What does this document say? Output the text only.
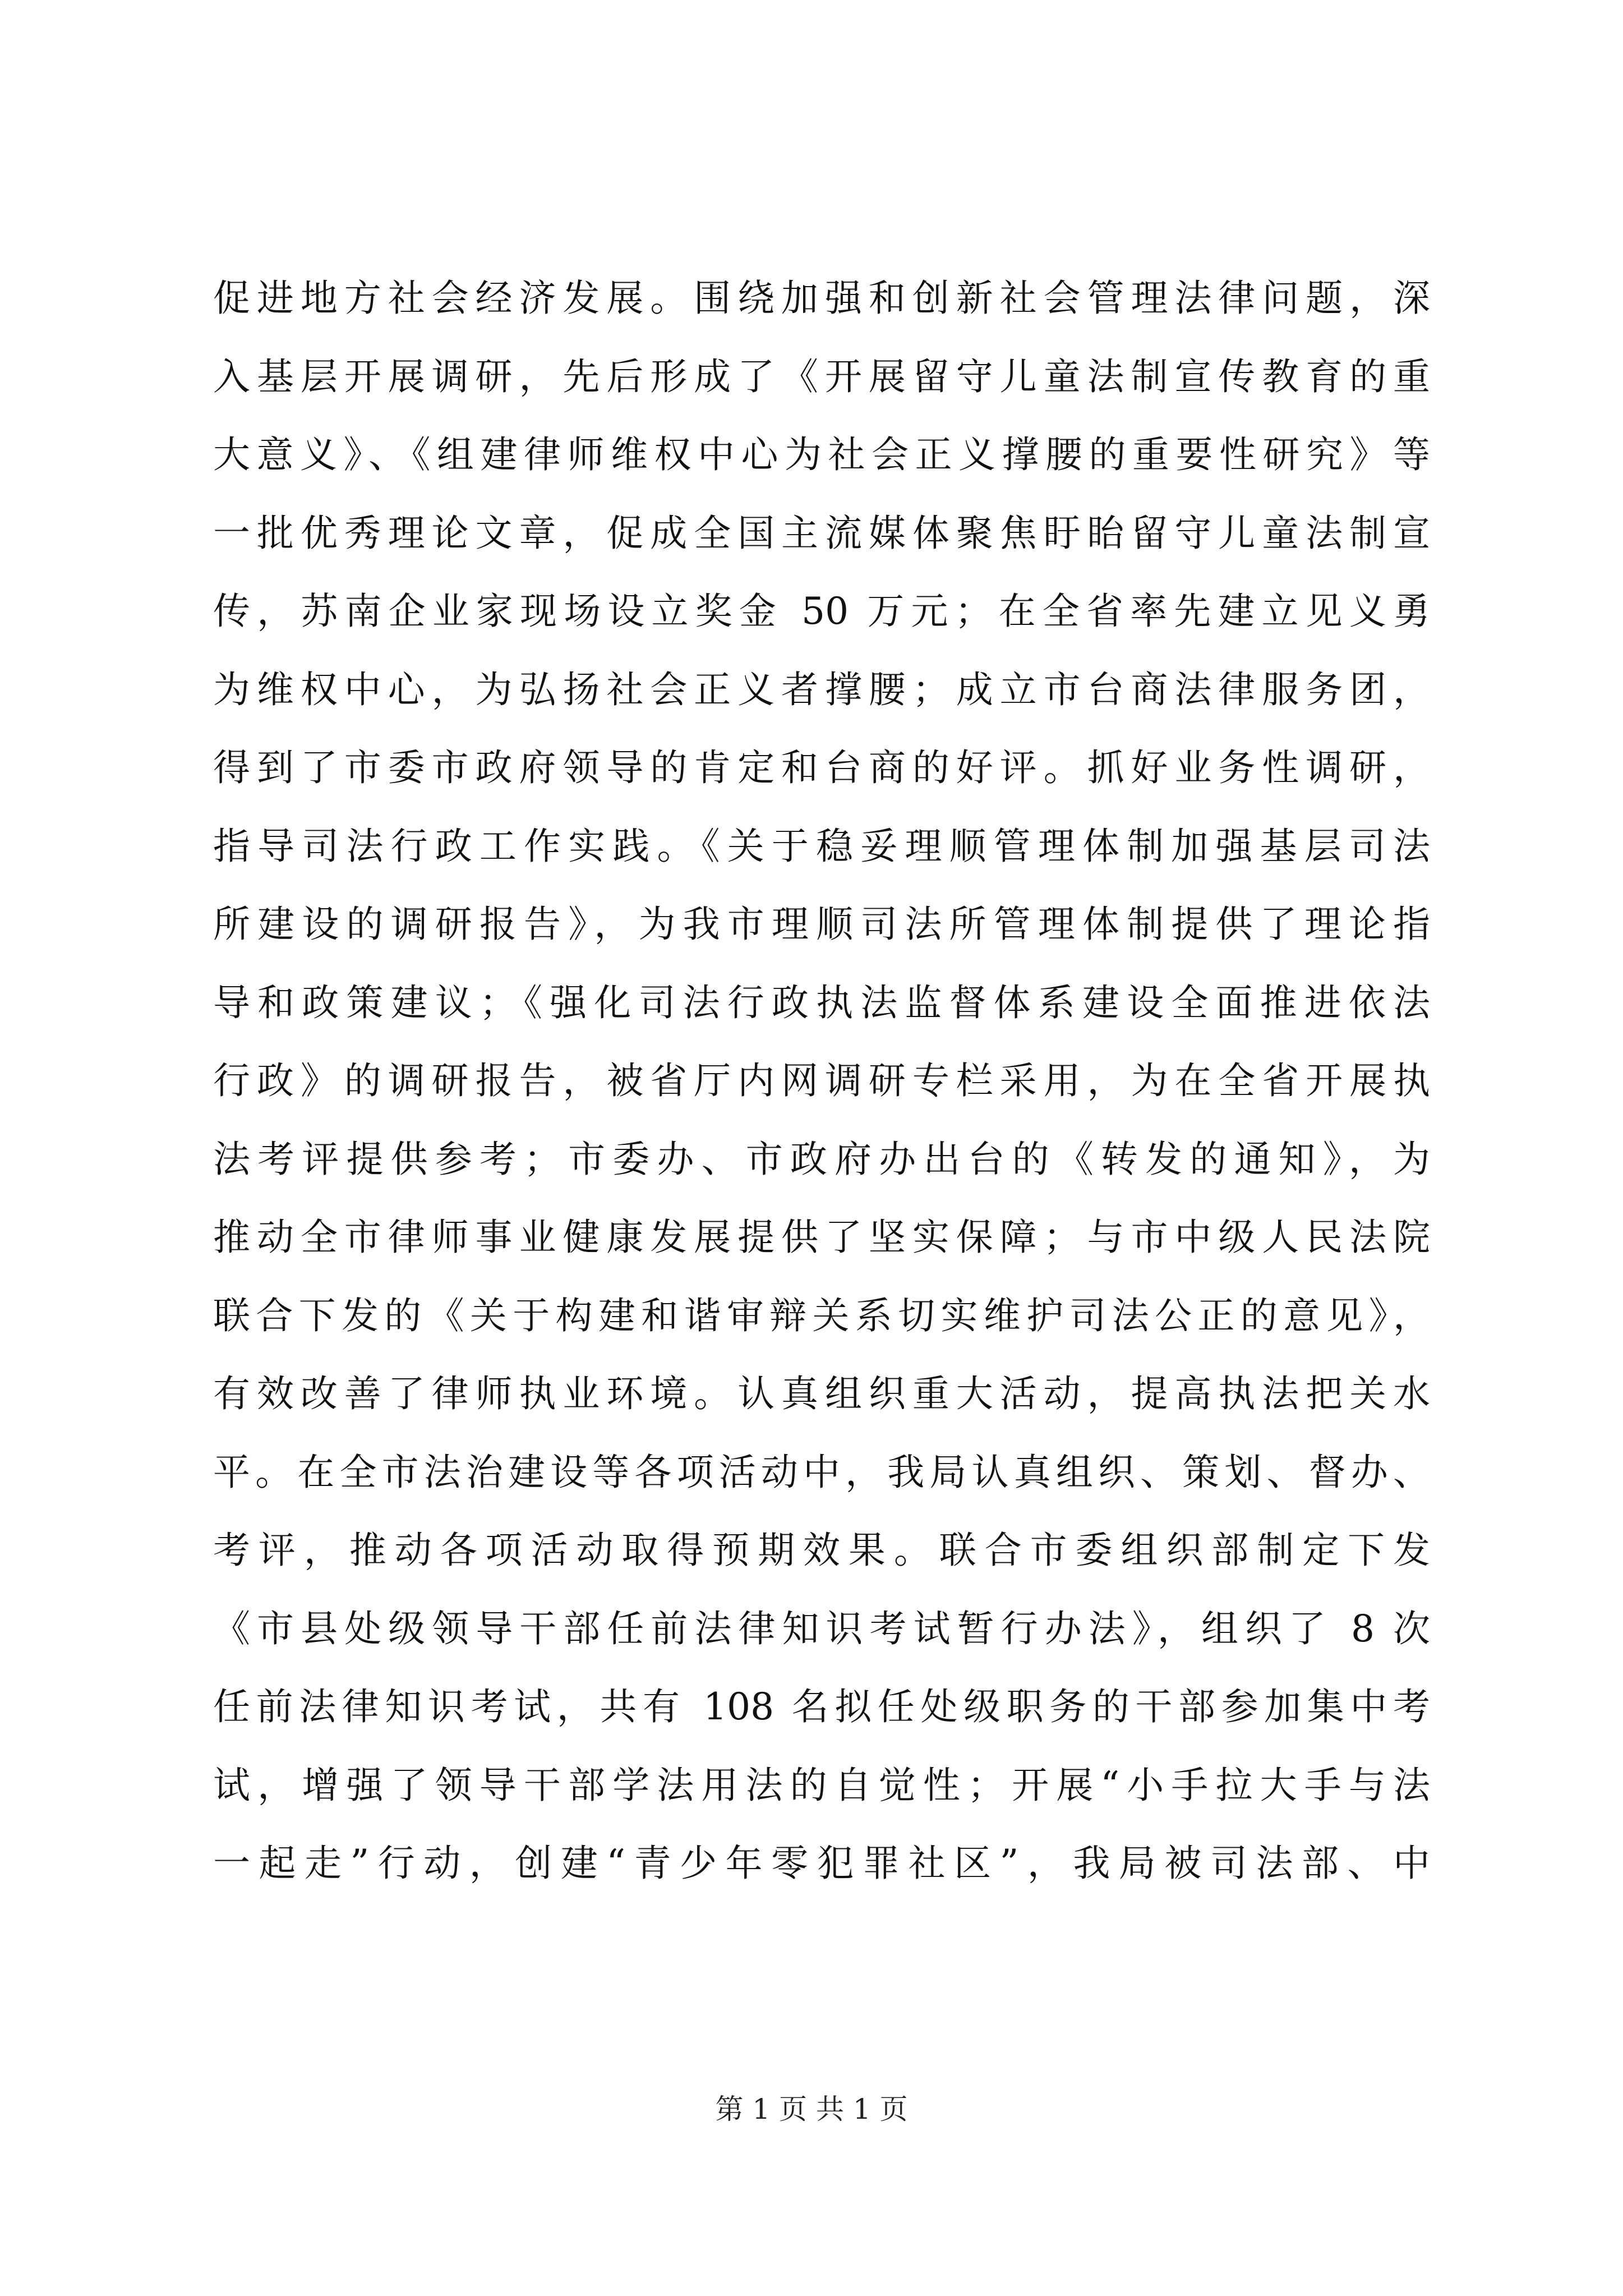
促进地方社会经济发展。围绕加强和创新社会管理法律问题，深
入基层开展调研，先后形成了《开展留守儿童法制宣传教育的重
大意义》、《组建律师维权中心为社会正义撑腰的重要性研究》等
一批优秀理论文章，促成全国主流媒体聚焦盱眙留守儿童法制宣
传，苏南企业家现场设立奖金 50 万元；在全省率先建立见义勇
为维权中心，为弘扬社会正义者撑腰；成立市台商法律服务团，
得到了市委市政府领导的肯定和台商的好评。抓好业务性调研，
指导司法行政工作实践。《关于稳妥理顺管理体制加强基层司法
所建设的调研报告》，为我市理顺司法所管理体制提供了理论指
导和政策建议；《强化司法行政执法监督体系建设全面推进依法
行政》的调研报告，被省厅内网调研专栏采用，为在全省开展执
法考评提供参考；市委办、市政府办出台的《转发的通知》，为
推动全市律师事业健康发展提供了坚实保障；与市中级人民法院
联合下发的《关于构建和谐审辩关系切实维护司法公正的意见》，
有效改善了律师执业环境。认真组织重大活动，提高执法把关水
平。在全市法治建设等各项活动中，我局认真组织、策划、督办、
考评，推动各项活动取得预期效果。联合市委组织部制定下发
《市县处级领导干部任前法律知识考试暂行办法》，组织了 8 次
任前法律知识考试，共有 108 名拟任处级职务的干部参加集中考
试，增强了领导干部学法用法的自觉性；开展“小手拉大手与法
一起走”行动，创建“青少年零犯罪社区”，我局被司法部、中
第 1 页 共 1 页
